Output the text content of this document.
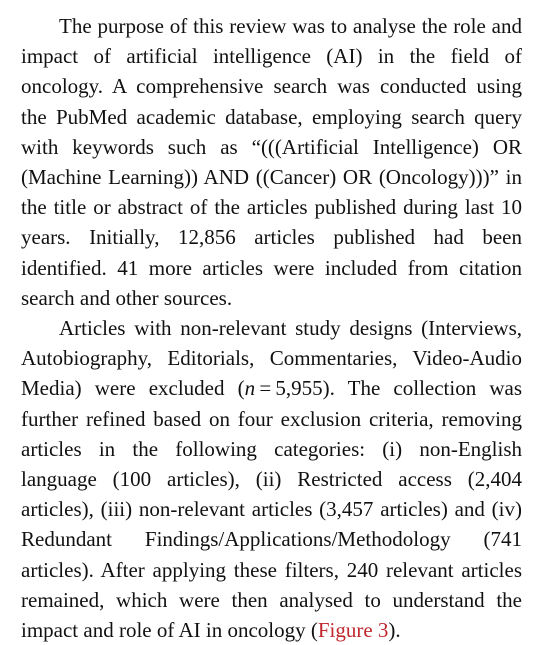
The purpose of this review was to analyse the role and impact of artificial intelligence (AI) in the field of oncology. A comprehensive search was conducted using the PubMed academic database, employing search query with keywords such as “(((Artificial Intelligence) OR (Machine Learning)) AND ((Cancer) OR (Oncology)))” in the title or abstract of the articles published during last 10 years. Initially, 12,856 articles published had been identified. 41 more articles were included from citation search and other sources.

Articles with non-relevant study designs (Interviews, Autobiography, Editorials, Commentaries, Video-Audio Media) were excluded (n = 5,955). The collection was further refined based on four exclusion criteria, removing articles in the following categories: (i) non-English language (100 articles), (ii) Restricted access (2,404 articles), (iii) non-relevant articles (3,457 articles) and (iv) Redundant Findings/Applications/Methodology (741 articles). After applying these filters, 240 relevant articles remained, which were then analysed to understand the impact and role of AI in oncology (Figure 3).
